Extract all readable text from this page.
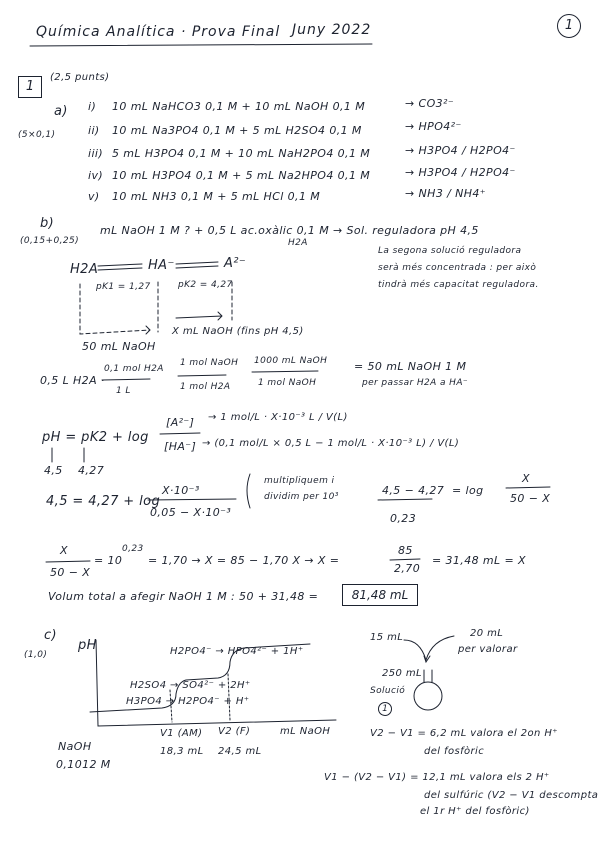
Química Analítica · Prova Final Juny 2022	1
1
(2,5 punts)
a)
(5×0,1)
i) 10 mL NaHCO3 0,1 M + 10 mL NaOH 0,1 M	→ CO3²⁻
ii) 10 mL Na3PO4 0,1 M + 5 mL H2SO4 0,1 M	→ HPO4²⁻
iii) 5 mL H3PO4 0,1 M + 10 mL NaH2PO4 0,1 M	→ H3PO4 / H2PO4⁻
iv) 10 mL H3PO4 0,1 M + 5 mL Na2HPO4 0,1 M	→ H3PO4 / H2PO4⁻
v) 10 mL NH3 0,1 M + 5 mL HCl 0,1 M	→ NH3 / NH4⁺
b)
(0,15+0,25)
mL NaOH 1 M ? + 0,5 L ac.oxàlic 0,1 M → Sol. reguladora pH 4,5
H2A
La segona solució reguladora
serà més concentrada : per això
tindrà més capacitat reguladora.
H2A	HA⁻	A²⁻
pK1 = 1,27	pK2 = 4,27
X mL NaOH (fins pH 4,5)
50 mL NaOH
0,5 L H2A ·
0,1 mol H2A
1 L
1 mol NaOH
1 mol H2A
1000 mL NaOH
1 mol NaOH
= 50 mL NaOH 1 M
per passar H2A a HA⁻
pH = pK2 + log
[A²⁻]
[HA⁻]
→ 1 mol/L · X·10⁻³ L / V(L)
→ (0,1 mol/L × 0,5 L − 1 mol/L · X·10⁻³ L) / V(L)
4,5 4,27
4,5 = 4,27 + log
X·10⁻³
0,05 − X·10⁻³
multipliquem i
dividim per 10³	4,5 − 4,27 = log
X
50 − X
0,23
X
50 − X
= 10
0,23
= 1,70 → X = 85 − 1,70 X → X =
85
2,70
= 31,48 mL = X
Volum total a afegir NaOH 1 M : 50 + 31,48 =	81,48 mL
c)
(1,0)
pH	H2PO4⁻ → HPO4²⁻ + 1H⁺
H2SO4 → SO4²⁻ + 2H⁺
H3PO4 → H2PO4⁻ + H⁺
mL NaOH
V1 (AM) V2 (F)
18,3 mL 24,5 mL
NaOH
0,1012 M
15 mL	20 mL
per valorar
250 mL
Solució
1
V2 − V1 = 6,2 mL valora el 2on H⁺
del fosfòric
V1 − (V2 − V1) = 12,1 mL valora els 2 H⁺
del sulfúric (V2 − V1 descompta
el 1r H⁺ del fosfòric)
